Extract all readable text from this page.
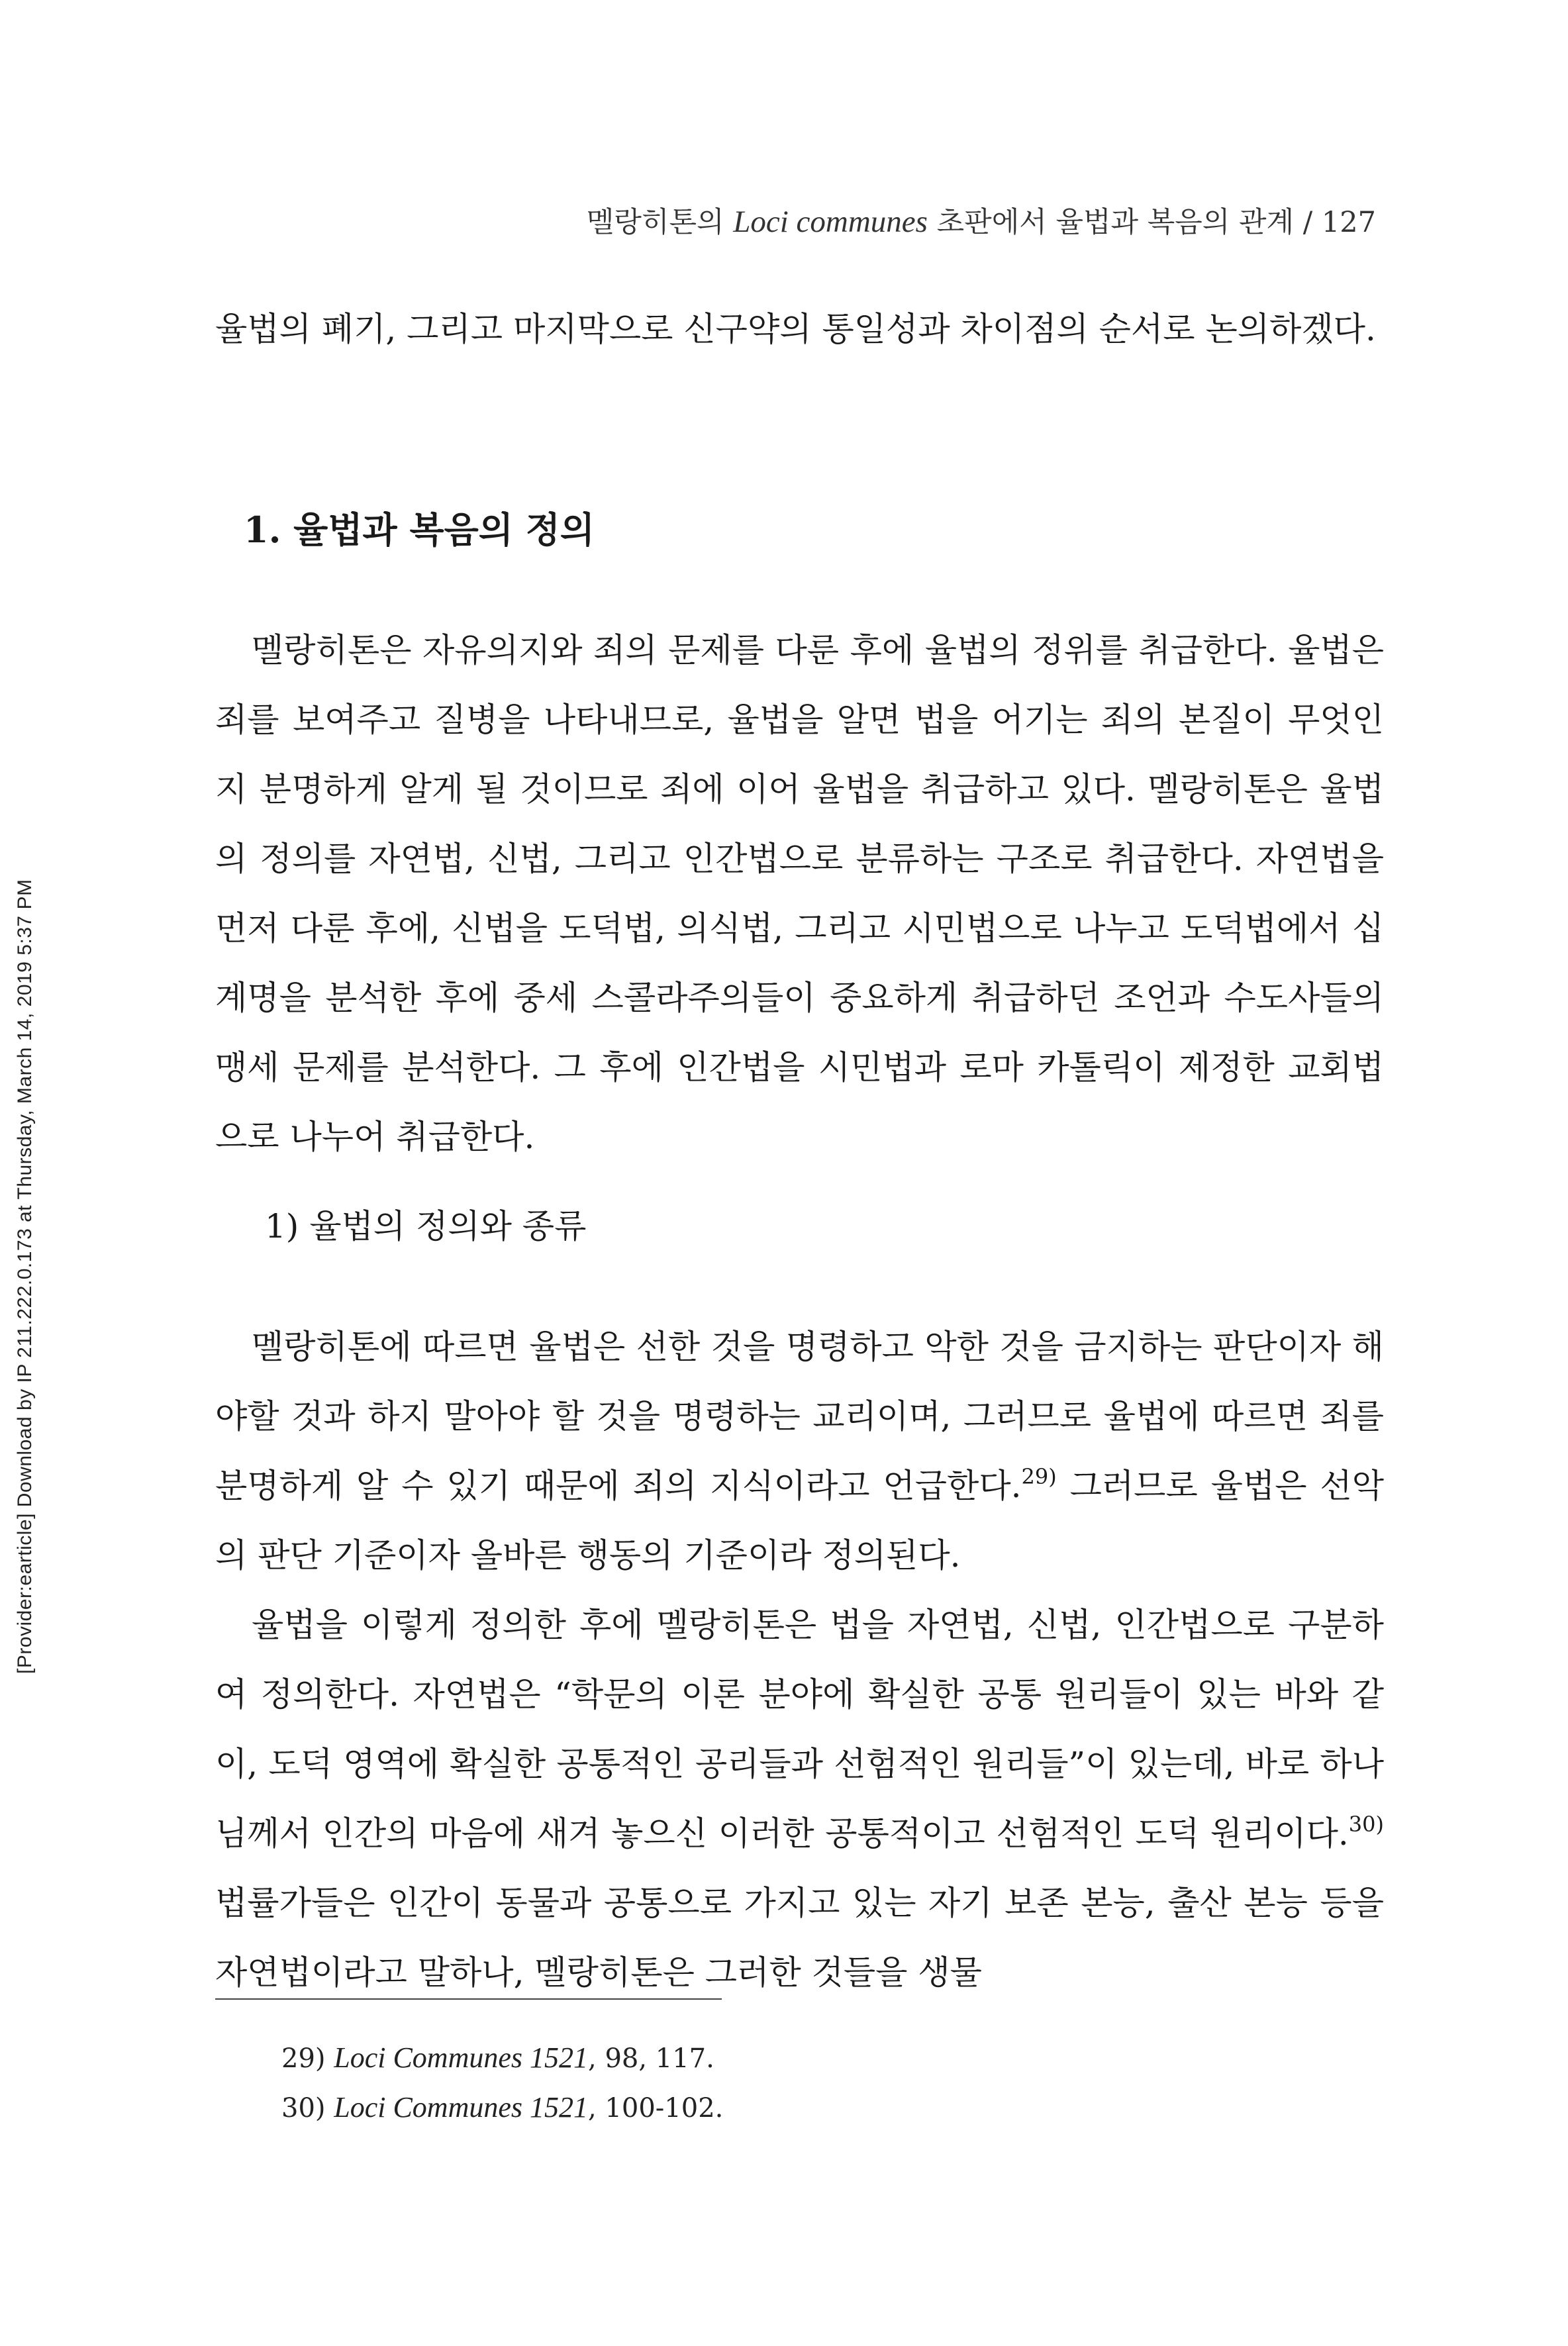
[Provider:earticle] Download by IP 211.222.0.173 at Thursday, March 14, 2019 5:37 PM
멜랑히톤의 Loci communes 초판에서 율법과 복음의 관계 / 127

율법의 폐기, 그리고 마지막으로 신구약의 통일성과 차이점의 순서로 논의하겠다.

1. 율법과 복음의 정의

멜랑히톤은 자유의지와 죄의 문제를 다룬 후에 율법의 정위를 취급한다. 율법은 죄를 보여주고 질병을 나타내므로, 율법을 알면 법을 어기는 죄의 본질이 무엇인지 분명하게 알게 될 것이므로 죄에 이어 율법을 취급하고 있다. 멜랑히톤은 율법의 정의를 자연법, 신법, 그리고 인간법으로 분류하는 구조로 취급한다. 자연법을 먼저 다룬 후에, 신법을 도덕법, 의식법, 그리고 시민법으로 나누고 도덕법에서 십계명을 분석한 후에 중세 스콜라주의들이 중요하게 취급하던 조언과 수도사들의 맹세 문제를 분석한다. 그 후에 인간법을 시민법과 로마 카톨릭이 제정한 교회법으로 나누어 취급한다.

1) 율법의 정의와 종류

멜랑히톤에 따르면 율법은 선한 것을 명령하고 악한 것을 금지하는 판단이자 해야할 것과 하지 말아야 할 것을 명령하는 교리이며, 그러므로 율법에 따르면 죄를 분명하게 알 수 있기 때문에 죄의 지식이라고 언급한다.$^{29)}$ 그러므로 율법은 선악의 판단 기준이자 올바른 행동의 기준이라 정의된다.

율법을 이렇게 정의한 후에 멜랑히톤은 법을 자연법, 신법, 인간법으로 구분하여 정의한다. 자연법은 “학문의 이론 분야에 확실한 공통 원리들이 있는 바와 같이, 도덕 영역에 확실한 공통적인 공리들과 선험적인 원리들”이 있는데, 바로 하나님께서 인간의 마음에 새겨 놓으신 이러한 공통적이고 선험적인 도덕 원리이다.$^{30)}$ 법률가들은 인간이 동물과 공통으로 가지고 있는 자기 보존 본능, 출산 본능 등을 자연법이라고 말하나, 멜랑히톤은 그러한 것들을 생물

29) Loci Communes 1521, 98, 117.
30) Loci Communes 1521, 100-102.
